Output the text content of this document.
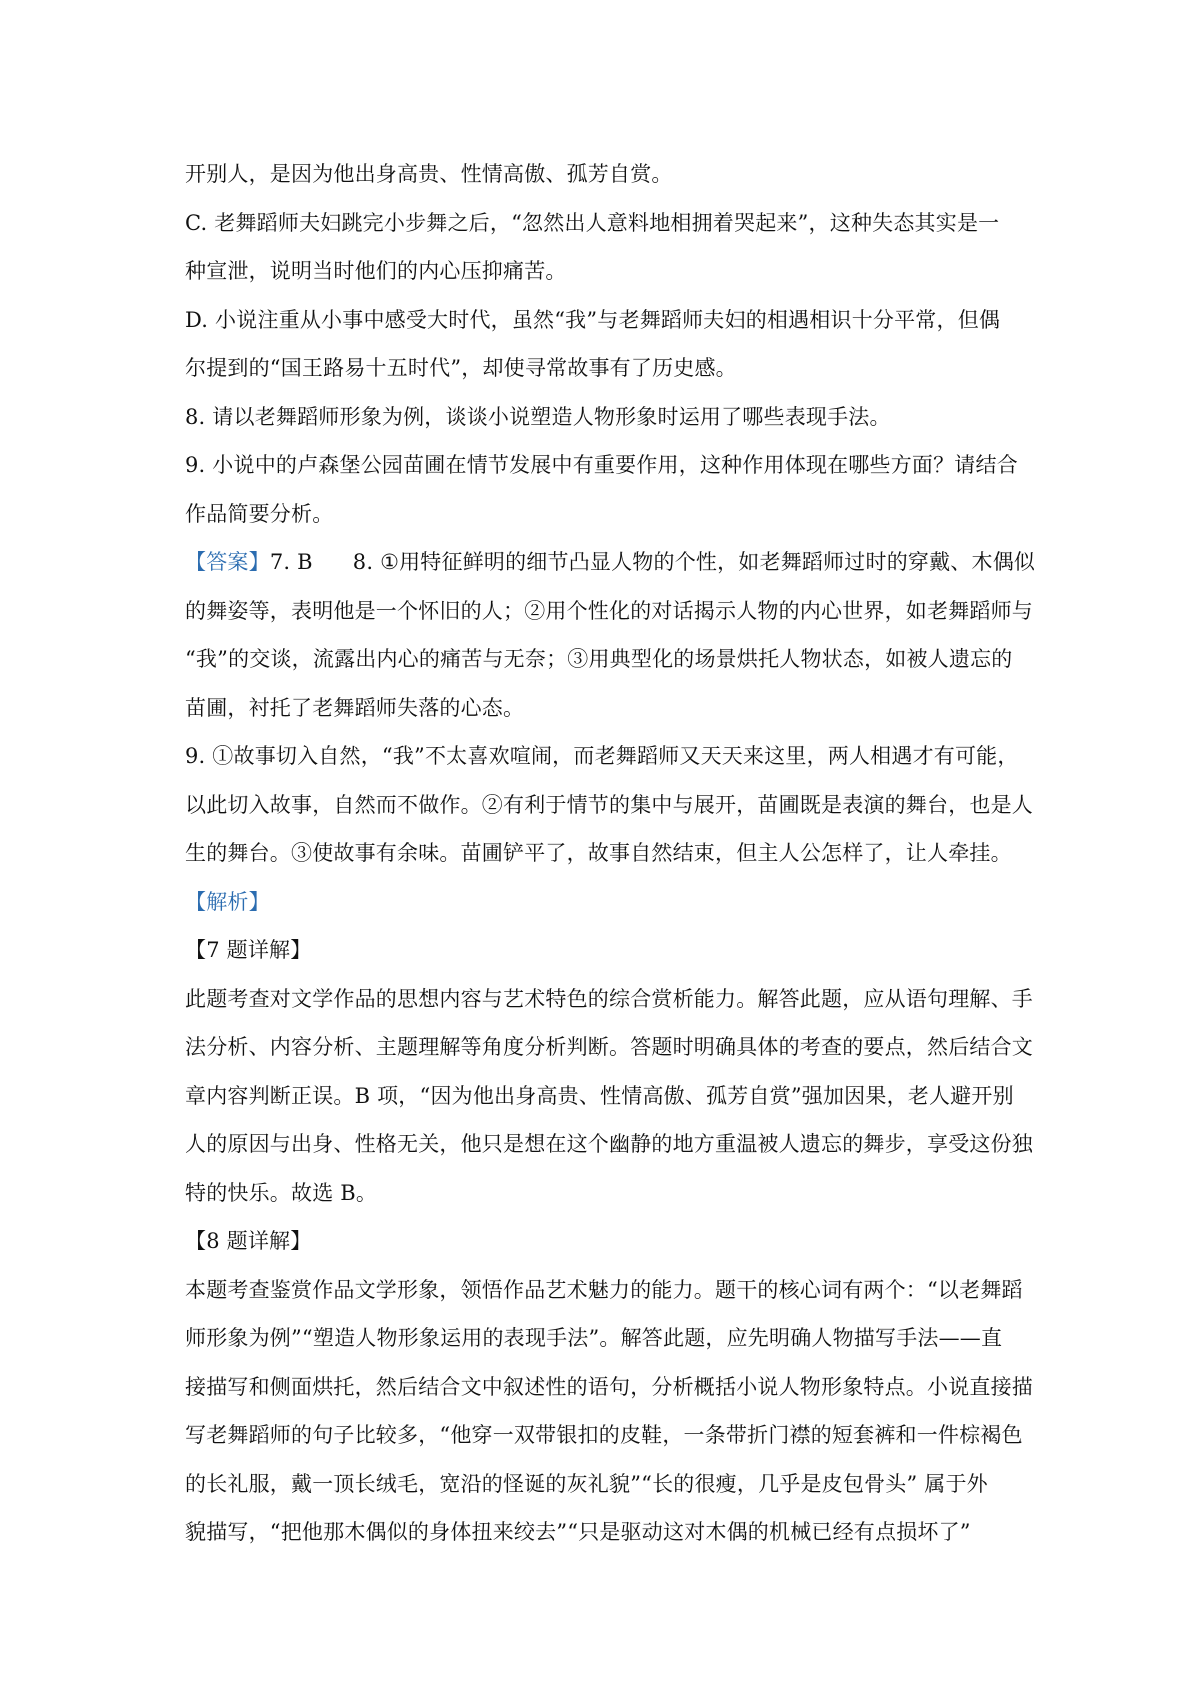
开别人，是因为他出身高贵、性情高傲、孤芳自赏。
C. 老舞蹈师夫妇跳完小步舞之后，“忽然出人意料地相拥着哭起来”，这种失态其实是一
种宣泄，说明当时他们的内心压抑痛苦。
D. 小说注重从小事中感受大时代，虽然“我”与老舞蹈师夫妇的相遇相识十分平常，但偶
尔提到的“国王路易十五时代”，却使寻常故事有了历史感。
8. 请以老舞蹈师形象为例，谈谈小说塑造人物形象时运用了哪些表现手法。
9. 小说中的卢森堡公园苗圃在情节发展中有重要作用，这种作用体现在哪些方面？请结合
作品简要分析。
【答案】7. B 8. ①用特征鲜明的细节凸显人物的个性，如老舞蹈师过时的穿戴、木偶似
的舞姿等，表明他是一个怀旧的人；②用个性化的对话揭示人物的内心世界，如老舞蹈师与
“我”的交谈，流露出内心的痛苦与无奈；③用典型化的场景烘托人物状态，如被人遗忘的
苗圃，衬托了老舞蹈师失落的心态。
9. ①故事切入自然，“我”不太喜欢喧闹，而老舞蹈师又天天来这里，两人相遇才有可能，
以此切入故事，自然而不做作。②有利于情节的集中与展开，苗圃既是表演的舞台，也是人
生的舞台。③使故事有余味。苗圃铲平了，故事自然结束，但主人公怎样了，让人牵挂。
【解析】
【7 题详解】
此题考查对文学作品的思想内容与艺术特色的综合赏析能力。解答此题，应从语句理解、手
法分析、内容分析、主题理解等角度分析判断。答题时明确具体的考查的要点，然后结合文
章内容判断正误。B 项，“因为他出身高贵、性情高傲、孤芳自赏”强加因果，老人避开别
人的原因与出身、性格无关，他只是想在这个幽静的地方重温被人遗忘的舞步，享受这份独
特的快乐。故选 B。
【8 题详解】
本题考查鉴赏作品文学形象，领悟作品艺术魅力的能力。题干的核心词有两个：“以老舞蹈
师形象为例”“塑造人物形象运用的表现手法”。解答此题，应先明确人物描写手法——直
接描写和侧面烘托，然后结合文中叙述性的语句，分析概括小说人物形象特点。小说直接描
写老舞蹈师的句子比较多，“他穿一双带银扣的皮鞋，一条带折门襟的短套裤和一件棕褐色
的长礼服，戴一顶长绒毛，宽沿的怪诞的灰礼貌”“长的很瘦，几乎是皮包骨头” 属于外
貌描写，“把他那木偶似的身体扭来绞去”“只是驱动这对木偶的机械已经有点损坏了”
